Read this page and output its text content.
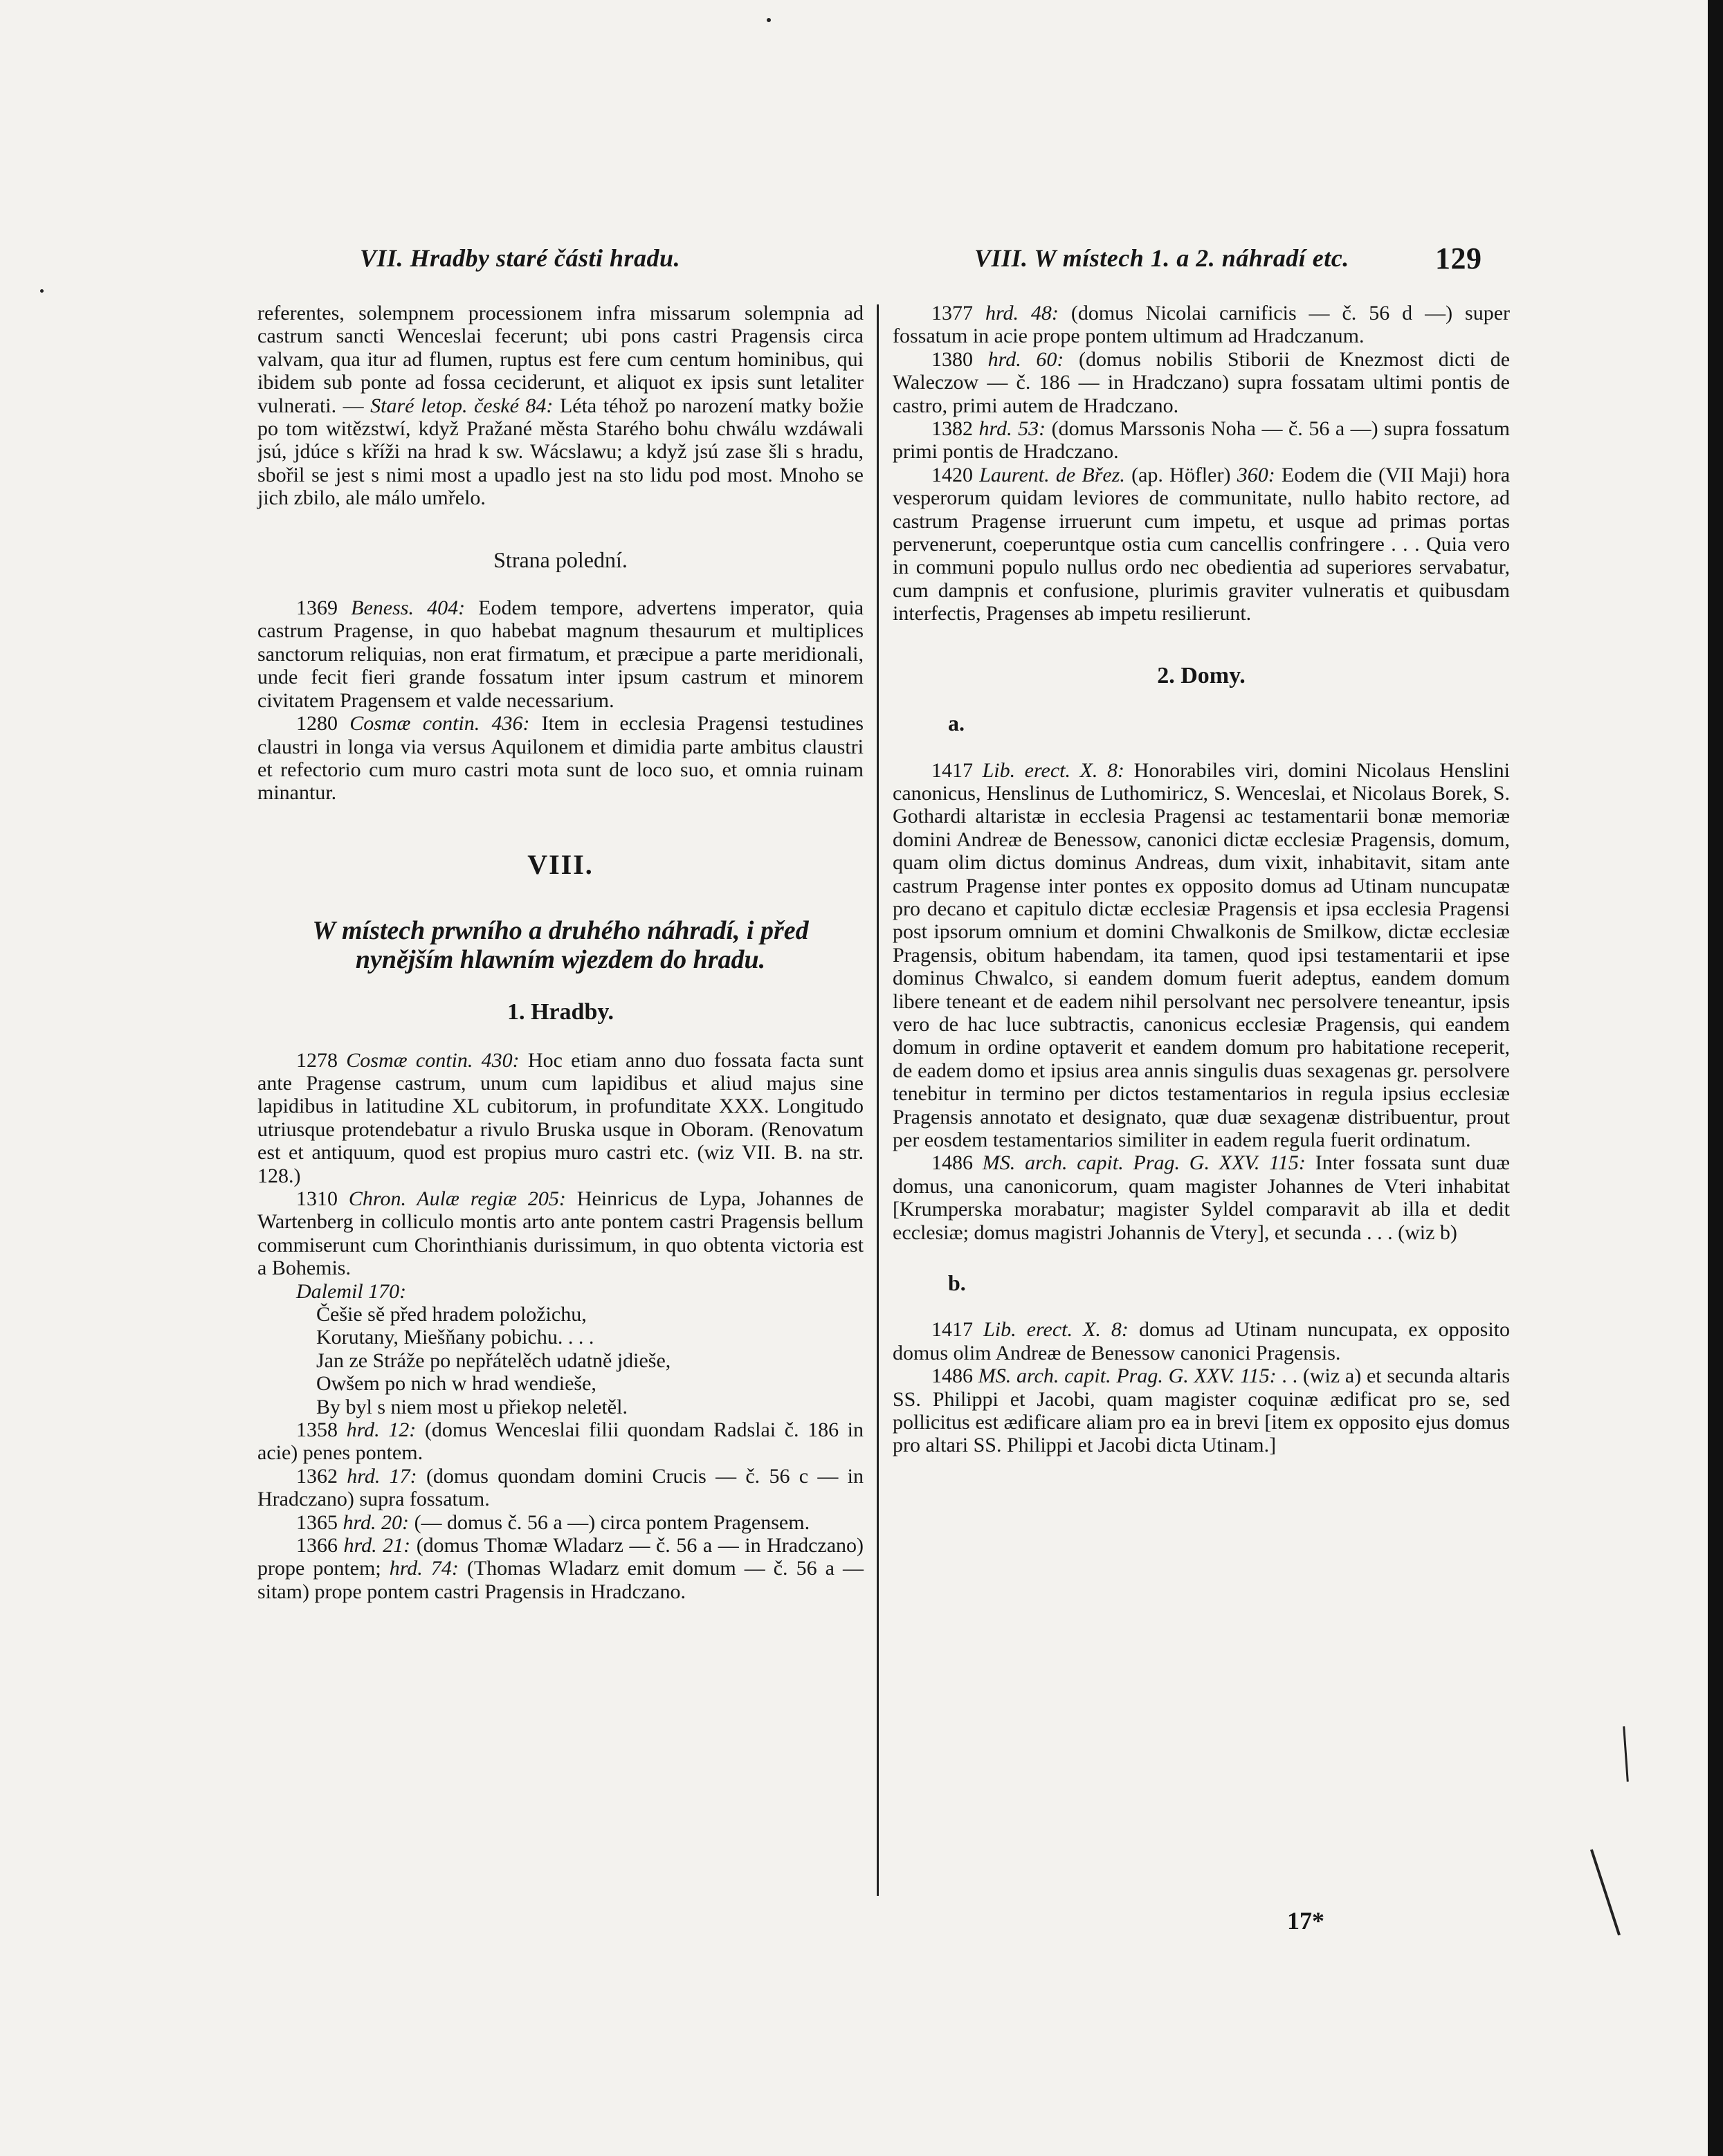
VII. Hradby staré části hradu.	VIII. W místech 1. a 2. náhradí etc.	129

referentes, solempnem processionem infra missarum solempnia ad castrum sancti Wenceslai fecerunt; ubi pons castri Pragensis circa valvam, qua itur ad flumen, ruptus est fere cum centum hominibus, qui ibidem sub ponte ad fossa ceciderunt, et aliquot ex ipsis sunt letaliter vulnerati. — Staré letop. české 84: Léta téhož po narození matky božie po tom witězstwí, když Pražané města Starého bohu chwálu wzdáwali jsú, jdúce s kříži na hrad k sw. Wácslawu; a když jsú zase šli s hradu, sbořil se jest s nimi most a upadlo jest na sto lidu pod most. Mnoho se jich zbilo, ale málo umřelo.

Strana polední.

1369 Beness. 404: Eodem tempore, advertens imperator, quia castrum Pragense, in quo habebat magnum thesaurum et multiplices sanctorum reliquias, non erat firmatum, et præcipue a parte meridionali, unde fecit fieri grande fossatum inter ipsum castrum et minorem civitatem Pragensem et valde necessarium.

1280 Cosmæ contin. 436: Item in ecclesia Pragensi testudines claustri in longa via versus Aquilonem et dimidia parte ambitus claustri et refectorio cum muro castri mota sunt de loco suo, et omnia ruinam minantur.

VIII.

W místech prwního a druhého náhradí, i před
nynějším hlawním wjezdem do hradu.

1. Hradby.

1278 Cosmæ contin. 430: Hoc etiam anno duo fossata facta sunt ante Pragense castrum, unum cum lapidibus et aliud majus sine lapidibus in latitudine XL cubitorum, in profunditate XXX. Longitudo utriusque protendebatur a rivulo Bruska usque in Oboram. (Renovatum est et antiquum, quod est propius muro castri etc. (wiz VII. B. na str. 128.)

1310 Chron. Aulæ regiæ 205: Heinricus de Lypa, Johannes de Wartenberg in colliculo montis arto ante pontem castri Pragensis bellum commiserunt cum Chorinthianis durissimum, in quo obtenta victoria est a Bohemis.

Dalemil 170:

Češie sě před hradem položichu,
Korutany, Miešňany pobichu. . . .
Jan ze Stráže po nepřátelěch udatně jdieše,
Owšem po nich w hrad wendieše,
By byl s niem most u přiekop neletěl.

1358 hrd. 12: (domus Wenceslai filii quondam Radslai č. 186 in acie) penes pontem.

1362 hrd. 17: (domus quondam domini Crucis — č. 56 c — in Hradczano) supra fossatum.

1365 hrd. 20: (— domus č. 56 a —) circa pontem Pragensem.

1366 hrd. 21: (domus Thomæ Wladarz — č. 56 a — in Hradczano) prope pontem; hrd. 74: (Thomas Wladarz emit domum — č. 56 a — sitam) prope pontem castri Pragensis in Hradczano.

1377 hrd. 48: (domus Nicolai carnificis — č. 56 d —) super fossatum in acie prope pontem ultimum ad Hradczanum.

1380 hrd. 60: (domus nobilis Stiborii de Knezmost dicti de Waleczow — č. 186 — in Hradczano) supra fossatam ultimi pontis de castro, primi autem de Hradczano.

1382 hrd. 53: (domus Marssonis Noha — č. 56 a —) supra fossatum primi pontis de Hradczano.

1420 Laurent. de Břez. (ap. Höfler) 360: Eodem die (VII Maji) hora vesperorum quidam leviores de communitate, nullo habito rectore, ad castrum Pragense irruerunt cum impetu, et usque ad primas portas pervenerunt, coeperuntque ostia cum cancellis confringere . . . Quia vero in communi populo nullus ordo nec obedientia ad superiores servabatur, cum dampnis et confusione, plurimis graviter vulneratis et quibusdam interfectis, Pragenses ab impetu resilierunt.

2. Domy.

a.

1417 Lib. erect. X. 8: Honorabiles viri, domini Nicolaus Henslini canonicus, Henslinus de Luthomiricz, S. Wenceslai, et Nicolaus Borek, S. Gothardi altaristæ in ecclesia Pragensi ac testamentarii bonæ memoriæ domini Andreæ de Benessow, canonici dictæ ecclesiæ Pragensis, domum, quam olim dictus dominus Andreas, dum vixit, inhabitavit, sitam ante castrum Pragense inter pontes ex opposito domus ad Utinam nuncupatæ pro decano et capitulo dictæ ecclesiæ Pragensis et ipsa ecclesia Pragensi post ipsorum omnium et domini Chwalkonis de Smilkow, dictæ ecclesiæ Pragensis, obitum habendam, ita tamen, quod ipsi testamentarii et ipse dominus Chwalco, si eandem domum fuerit adeptus, eandem domum libere teneant et de eadem nihil persolvant nec persolvere teneantur, ipsis vero de hac luce subtractis, canonicus ecclesiæ Pragensis, qui eandem domum in ordine optaverit et eandem domum pro habitatione receperit, de eadem domo et ipsius area annis singulis duas sexagenas gr. persolvere tenebitur in termino per dictos testamentarios in regula ipsius ecclesiæ Pragensis annotato et designato, quæ duæ sexagenæ distribuentur, prout per eosdem testamentarios similiter in eadem regula fuerit ordinatum.

1486 MS. arch. capit. Prag. G. XXV. 115: Inter fossata sunt duæ domus, una canonicorum, quam magister Johannes de Vteri inhabitat [Krumperska morabatur; magister Syldel comparavit ab illa et dedit ecclesiæ; domus magistri Johannis de Vtery], et secunda . . . (wiz b)

b.

1417 Lib. erect. X. 8: domus ad Utinam nuncupata, ex opposito domus olim Andreæ de Benessow canonici Pragensis.

1486 MS. arch. capit. Prag. G. XXV. 115: . . (wiz a) et secunda altaris SS. Philippi et Jacobi, quam magister coquinæ ædificat pro se, sed pollicitus est ædificare aliam pro ea in brevi [item ex opposito ejus domus pro altari SS. Philippi et Jacobi dicta Utinam.]

17*
